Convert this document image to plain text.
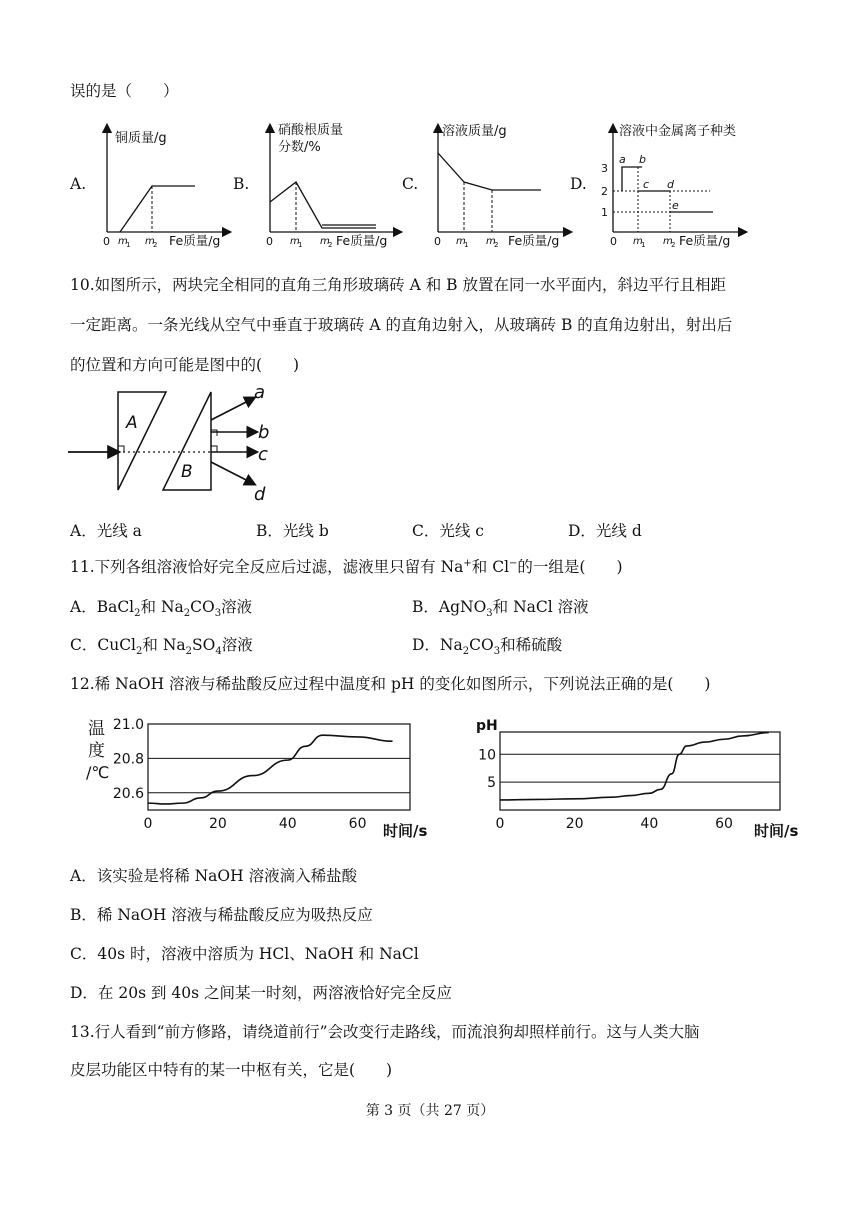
误的是（　　）
A.	B.	C.	D.
铜质量/g
0 m
1 m
2 Fe质量/g
硝酸根质量
分数/%
0 m
1 m
2 Fe质量/g
溶液质量/g
0 m
1 m
2 Fe质量/g
溶液中金属离子种类
3
2
1
a b
c d
e
0 m
1 m
2 Fe质量/g
10.如图所示，两块完全相同的直角三角形玻璃砖 A 和 B 放置在同一水平面内，斜边平行且相距
一定距离。一条光线从空气中垂直于玻璃砖 A 的直角边射入，从玻璃砖 B 的直角边射出，射出后
的位置和方向可能是图中的(　　)
A
B
a
b
c
d
A．光线 a	B．光线 b	C．光线 c	D．光线 d
11.下列各组溶液恰好完全反应后过滤，滤液里只留有 Na+和 Cl−的一组是(　　)
A．BaCl$_2$和 $Na_2CO_3$溶液	B．AgNO$_3$和 NaCl 溶液
C．CuCl$_2$和 $Na_2SO_4$溶液	D．$Na_2CO_3$和稀硫酸
12.稀 NaOH 溶液与稀盐酸反应过程中温度和 pH 的变化如图所示，下列说法正确的是(　　)
温
度
/℃
20.6
20.8
21.0
0	20	40	60 时间/s
pH
5
10
0	20	40	60 时间/s
A．该实验是将稀 NaOH 溶液滴入稀盐酸
B．稀 NaOH 溶液与稀盐酸反应为吸热反应
C．40s 时，溶液中溶质为 HCl、NaOH 和 NaCl
D．在 20s 到 40s 之间某一时刻，两溶液恰好完全反应
13.行人看到“前方修路，请绕道前行”会改变行走路线，而流浪狗却照样前行。这与人类大脑
皮层功能区中特有的某一中枢有关，它是(　　)
第 3 页（共 27 页）
